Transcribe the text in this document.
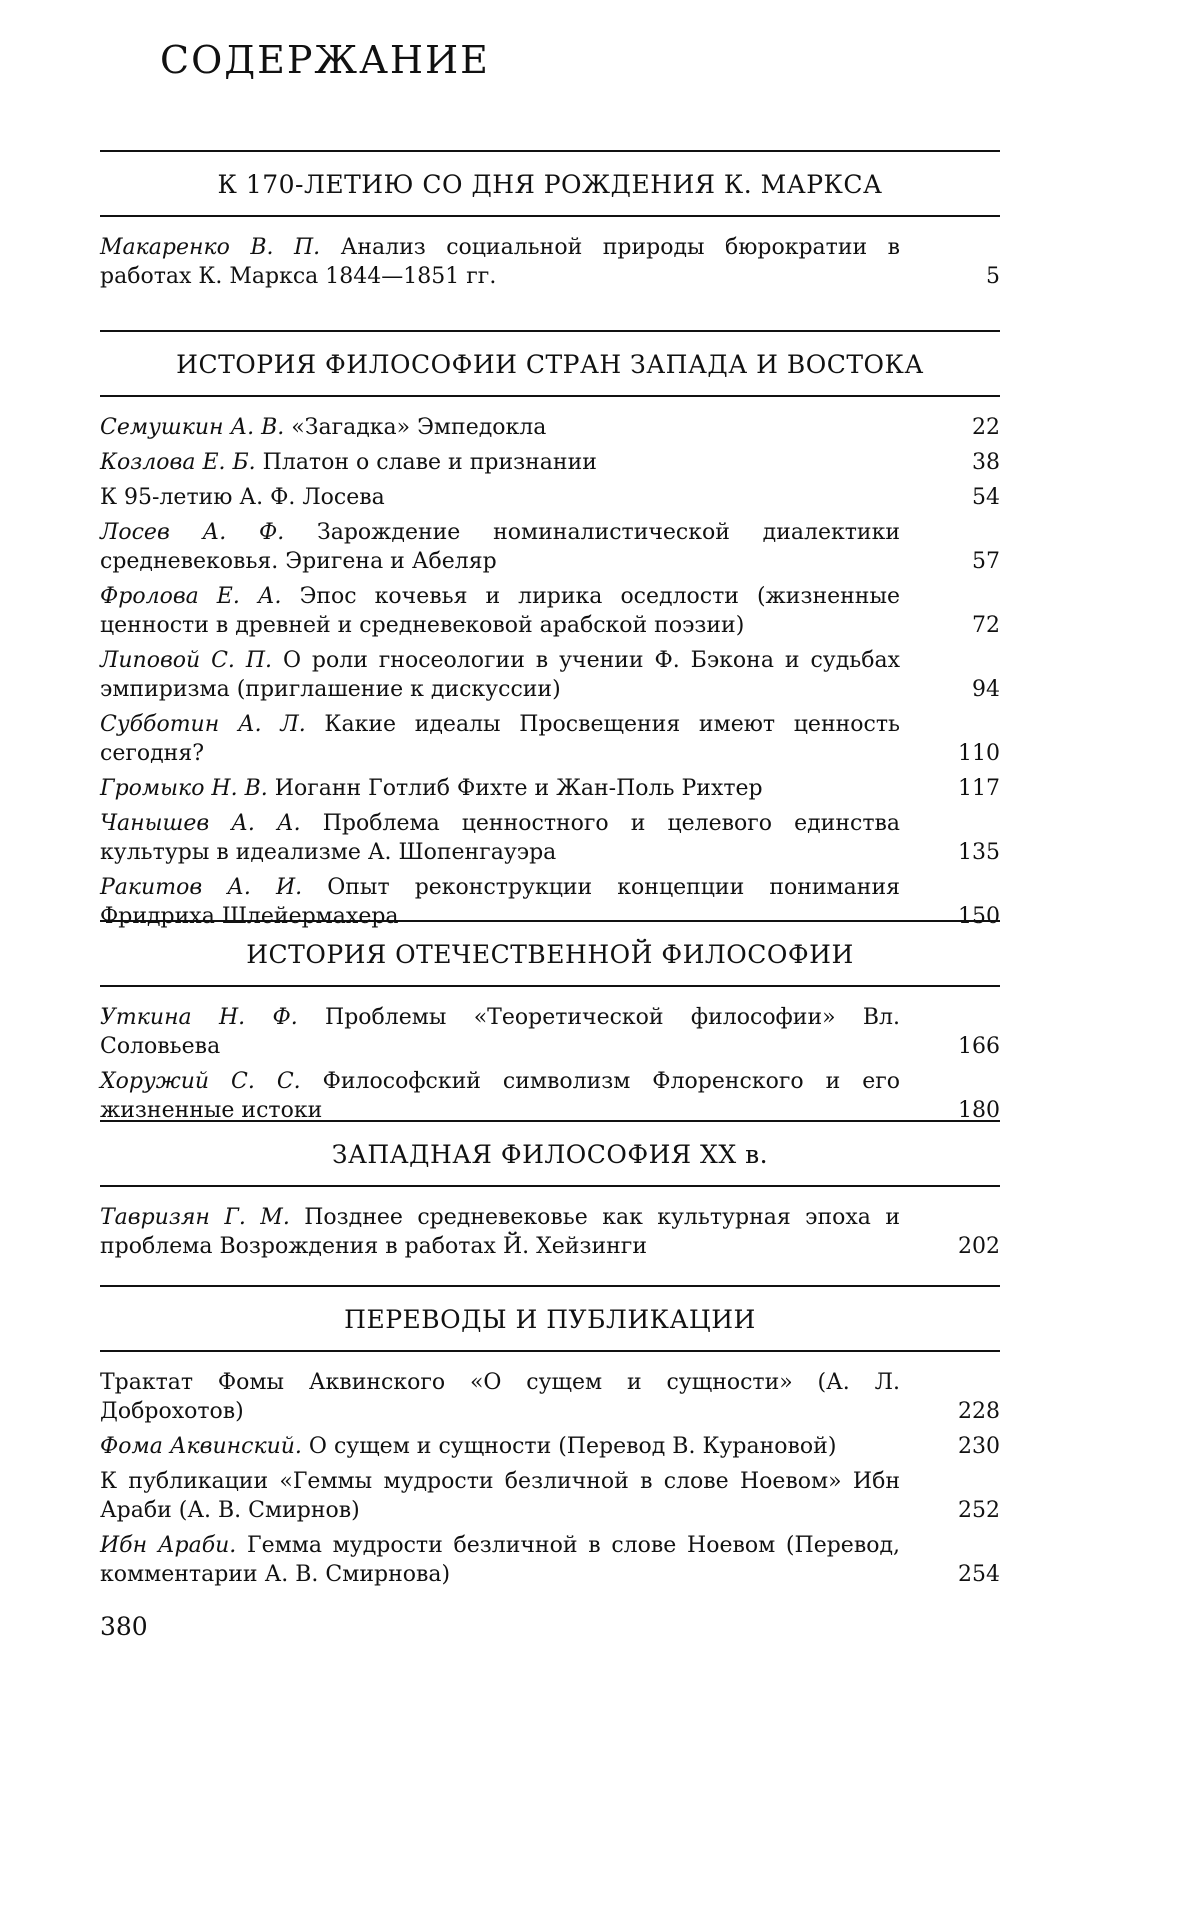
СОДЕРЖАНИЕ
К 170-ЛЕТИЮ СО ДНЯ РОЖДЕНИЯ К. МАРКСА
Макаренко В. П. Анализ социальной природы бюрократии в работах К. Маркса 1844—1851 гг.	5
ИСТОРИЯ ФИЛОСОФИИ СТРАН ЗАПАДА И ВОСТОКА
Семушкин А. В. «Загадка» Эмпедокла	22
Козлова Е. Б. Платон о славе и признании	38
К 95-летию А. Ф. Лосева	54
Лосев А. Ф. Зарождение номиналистической диалектики средневековья. Эригена и Абеляр	57
Фролова Е. А. Эпос кочевья и лирика оседлости (жизненные ценности в древней и средневековой арабской поэзии)	72
Липовой С. П. О роли гносеологии в учении Ф. Бэкона и судьбах эмпиризма (приглашение к дискуссии)	94
Субботин А. Л. Какие идеалы Просвещения имеют ценность сегодня?	110
Громыко Н. В. Иоганн Готлиб Фихте и Жан-Поль Рихтер	117
Чанышев А. А. Проблема ценностного и целевого единства культуры в идеализме А. Шопенгауэра	135
Ракитов А. И. Опыт реконструкции концепции понимания Фридриха Шлейермахера	150
ИСТОРИЯ ОТЕЧЕСТВЕННОЙ ФИЛОСОФИИ
Уткина Н. Ф. Проблемы «Теоретической философии» Вл. Соловьева	166
Хоружий С. С. Философский символизм Флоренского и его жизненные истоки	180
ЗАПАДНАЯ ФИЛОСОФИЯ XX в.
Тавризян Г. М. Позднее средневековье как культурная эпоха и проблема Возрождения в работах Й. Хейзинги	202
ПЕРЕВОДЫ И ПУБЛИКАЦИИ
Трактат Фомы Аквинского «О сущем и сущности» (А. Л. Доброхотов)	228
Фома Аквинский. О сущем и сущности (Перевод В. Курановой)	230
К публикации «Геммы мудрости безличной в слове Ноевом» Ибн Араби (А. В. Смирнов)	252
Ибн Араби. Гемма мудрости безличной в слове Ноевом (Перевод, комментарии А. В. Смирнова)	254
380
